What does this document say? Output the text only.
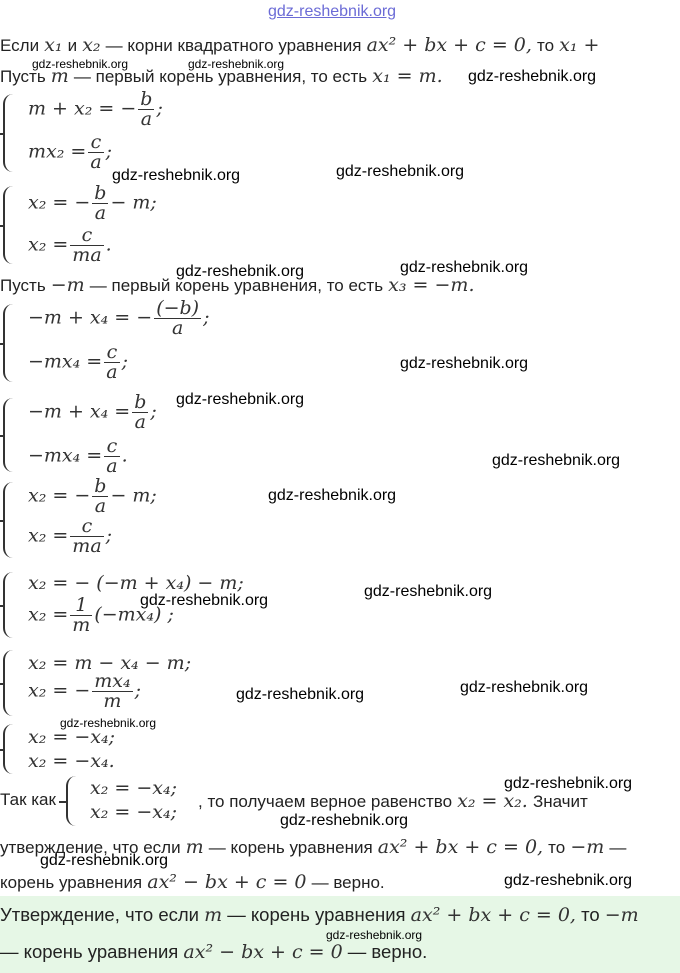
gdz-reshebnik.org
Если x₁ и x₂ — корни квадратного уравнения ax² + bx + c = 0, то x₁ +
gdz-reshebnik.org	gdz-reshebnik.org
Пусть m — первый корень уравнения, то есть x₁ = m. gdz-reshebnik.org
m + x₂ = − $\frac{b}{a}$ ;
$mx_2 = \frac{c}{a}$ ;
gdz-reshebnik.org	gdz-reshebnik.org
x₂ = − $\frac{b}{a} - m$;
$x_2 = \frac{c}{ma}$ .
gdz-reshebnik.org	gdz-reshebnik.org
Пусть −m — первый корень уравнения, то есть x₃ = −m.
−m + x₄ = − $\frac{(-b)}{a}$ ;
$-mx_4 = \frac{c}{a}$ ;	gdz-reshebnik.org
$-m + x_4 = \frac{b}{a}$ ;
$-mx_4 = \frac{c}{a}$ .
gdz-reshebnik.org
gdz-reshebnik.org
x₂ = − $\frac{b}{a} - m$;
$x_2 = \frac{c}{ma}$ ;
gdz-reshebnik.org
x₂ = − (−m + x₄) − m;
$x_2 = \frac{1}{m} (-mx_4)$ ;
gdz-reshebnik.org
gdz-reshebnik.org
x₂ = m − x₄ − m;
x₂ = − $\frac{\text{mx₄}}{m}$ ;	gdz-reshebnik.org	gdz-reshebnik.org
x₂ = −x₄;
x₂ = −x₄.
gdz-reshebnik.org
Так как
x₂ = −x₄;
x₂ = −x₄; , то получаем верное равенство x₂ = x₂. Значит
gdz-reshebnik.org
gdz-reshebnik.org
утверждение, что если m — корень уравнения ax² + bx + c = 0, то −m —
gdz-reshebnik.org
корень уравнения ax² − bx + c = 0 — верно.	gdz-reshebnik.org
Утверждение, что если m — корень уравнения ax² + bx + c = 0, то −m
gdz-reshebnik.org
— корень уравнения ax² − bx + c = 0 — верно.
